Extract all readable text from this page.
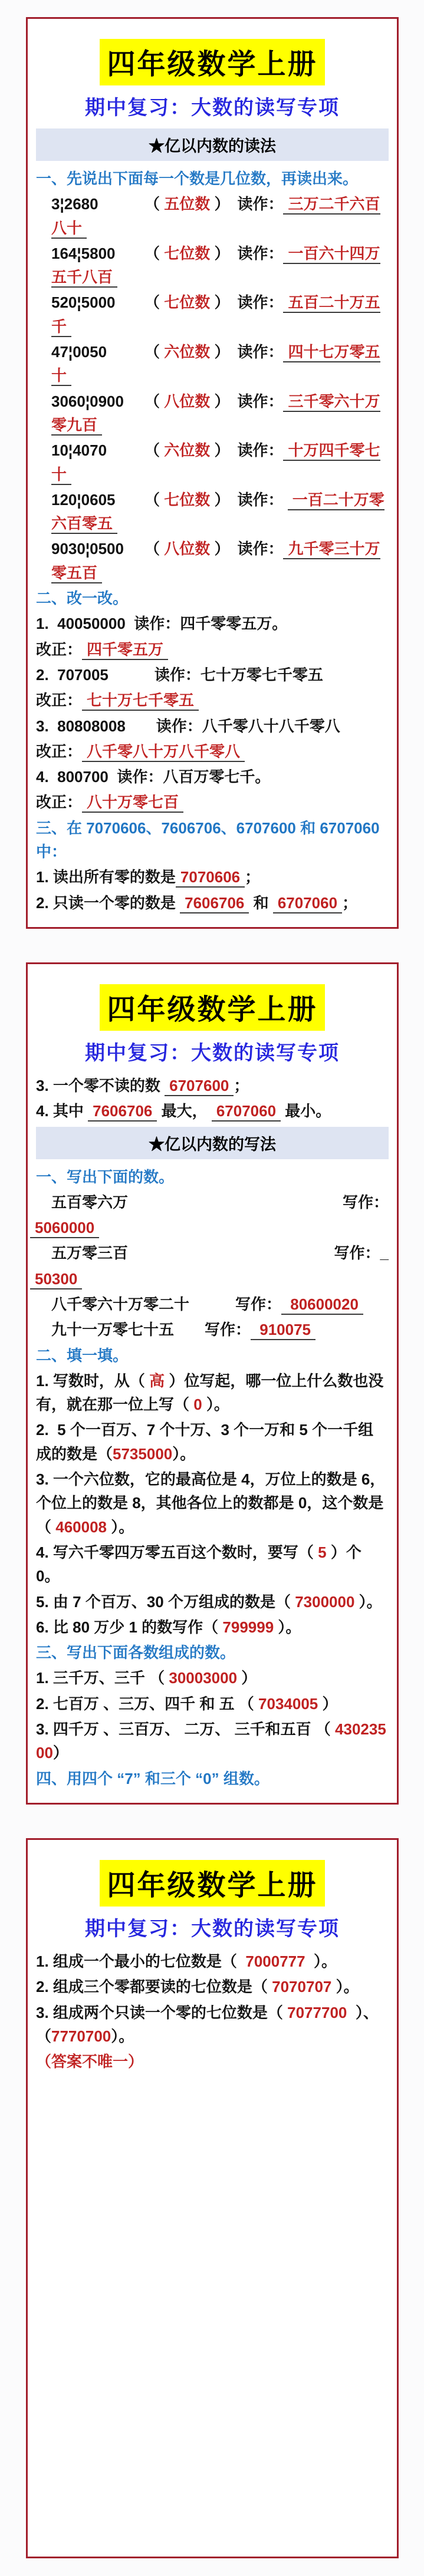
四年级数学上册
期中复习：大数的读写专项
★亿以内数的读法
一、先说出下面每一个数是几位数，再读出来。
3¦2680	（ 五位数 ）　读作： 三万二千六百八十
164¦5800 （ 七位数 ）　读作： 一百六十四万五千八百
520¦5000 （ 七位数 ）　读作： 五百二十万五千
47¦0050 （ 六位数 ）　读作： 四十七万零五十
3060¦0900 （ 八位数 ）　读作： 三千零六十万零九百
10¦4070 （ 六位数 ）　读作： 十万四千零七十
120¦0605 （ 七位数 ）　读作： 一百二十万零六百零五
9030¦0500 （ 八位数 ）　读作： 九千零三十万零五百
二、改一改。
1.  40050000  读作：四千零零五万。
改正： 四千零五万
2.  707005　　　读作：七十万零七千零五
改正： 七十万七千零五
3.  80808008　　读作：八千零八十八千零八
改正： 八千零八十万八千零八
4.  800700  读作：八百万零七千。
改正： 八十万零七百
三、在 7070606、7606706、6707600 和 6707060 中：
1. 读出所有零的数是 7070606 ；
2. 只读一个零的数是 7606706 和 6707060 ；
四年级数学上册
期中复习：大数的读写专项
3. 一个零不读的数 6707600 ；
4. 其中 7606706 最大， 6707060 最小。
★亿以内数的写法
一、写出下面的数。
五百零六万	写作：
5060000
五万零三百	写作：_
50300
八千零六十万零二十　　　写作： 80600020
九十一万零七十五　　写作： 910075
二、填一填。
1. 写数时，从（ 高 ）位写起，哪一位上什么数也没有，就在那一位上写（ 0 ）。
2.  5 个一百万、7 个十万、3 个一万和 5 个一千组成的数是（5735000）。
3. 一个六位数，它的最高位是 4，万位上的数是 6，个位上的数是 8，其他各位上的数都是 0，这个数是（ 460008 ）。
4. 写六千零四万零五百这个数时，要写（ 5 ）个 0。
5. 由 7 个百万、30 个万组成的数是（ 7300000 ）。
6. 比 80 万少 1 的数写作（ 799999 ）。
三、写出下面各数组成的数。
1. 三千万、三千 （ 30003000 ）
2. 七百万 、三万、四千 和 五 （ 7034005 ）
3. 四千万 、三百万、 二万、 三千和五百 （ 43023500）
四、用四个 “7” 和三个 “0” 组数。
四年级数学上册
期中复习：大数的读写专项
1. 组成一个最小的七位数是（  7000777  ）。
2. 组成三个零都要读的七位数是（ 7070707 ）。
3. 组成两个只读一个零的七位数是（ 7077700  ）、（7770700）。
（答案不唯一）
